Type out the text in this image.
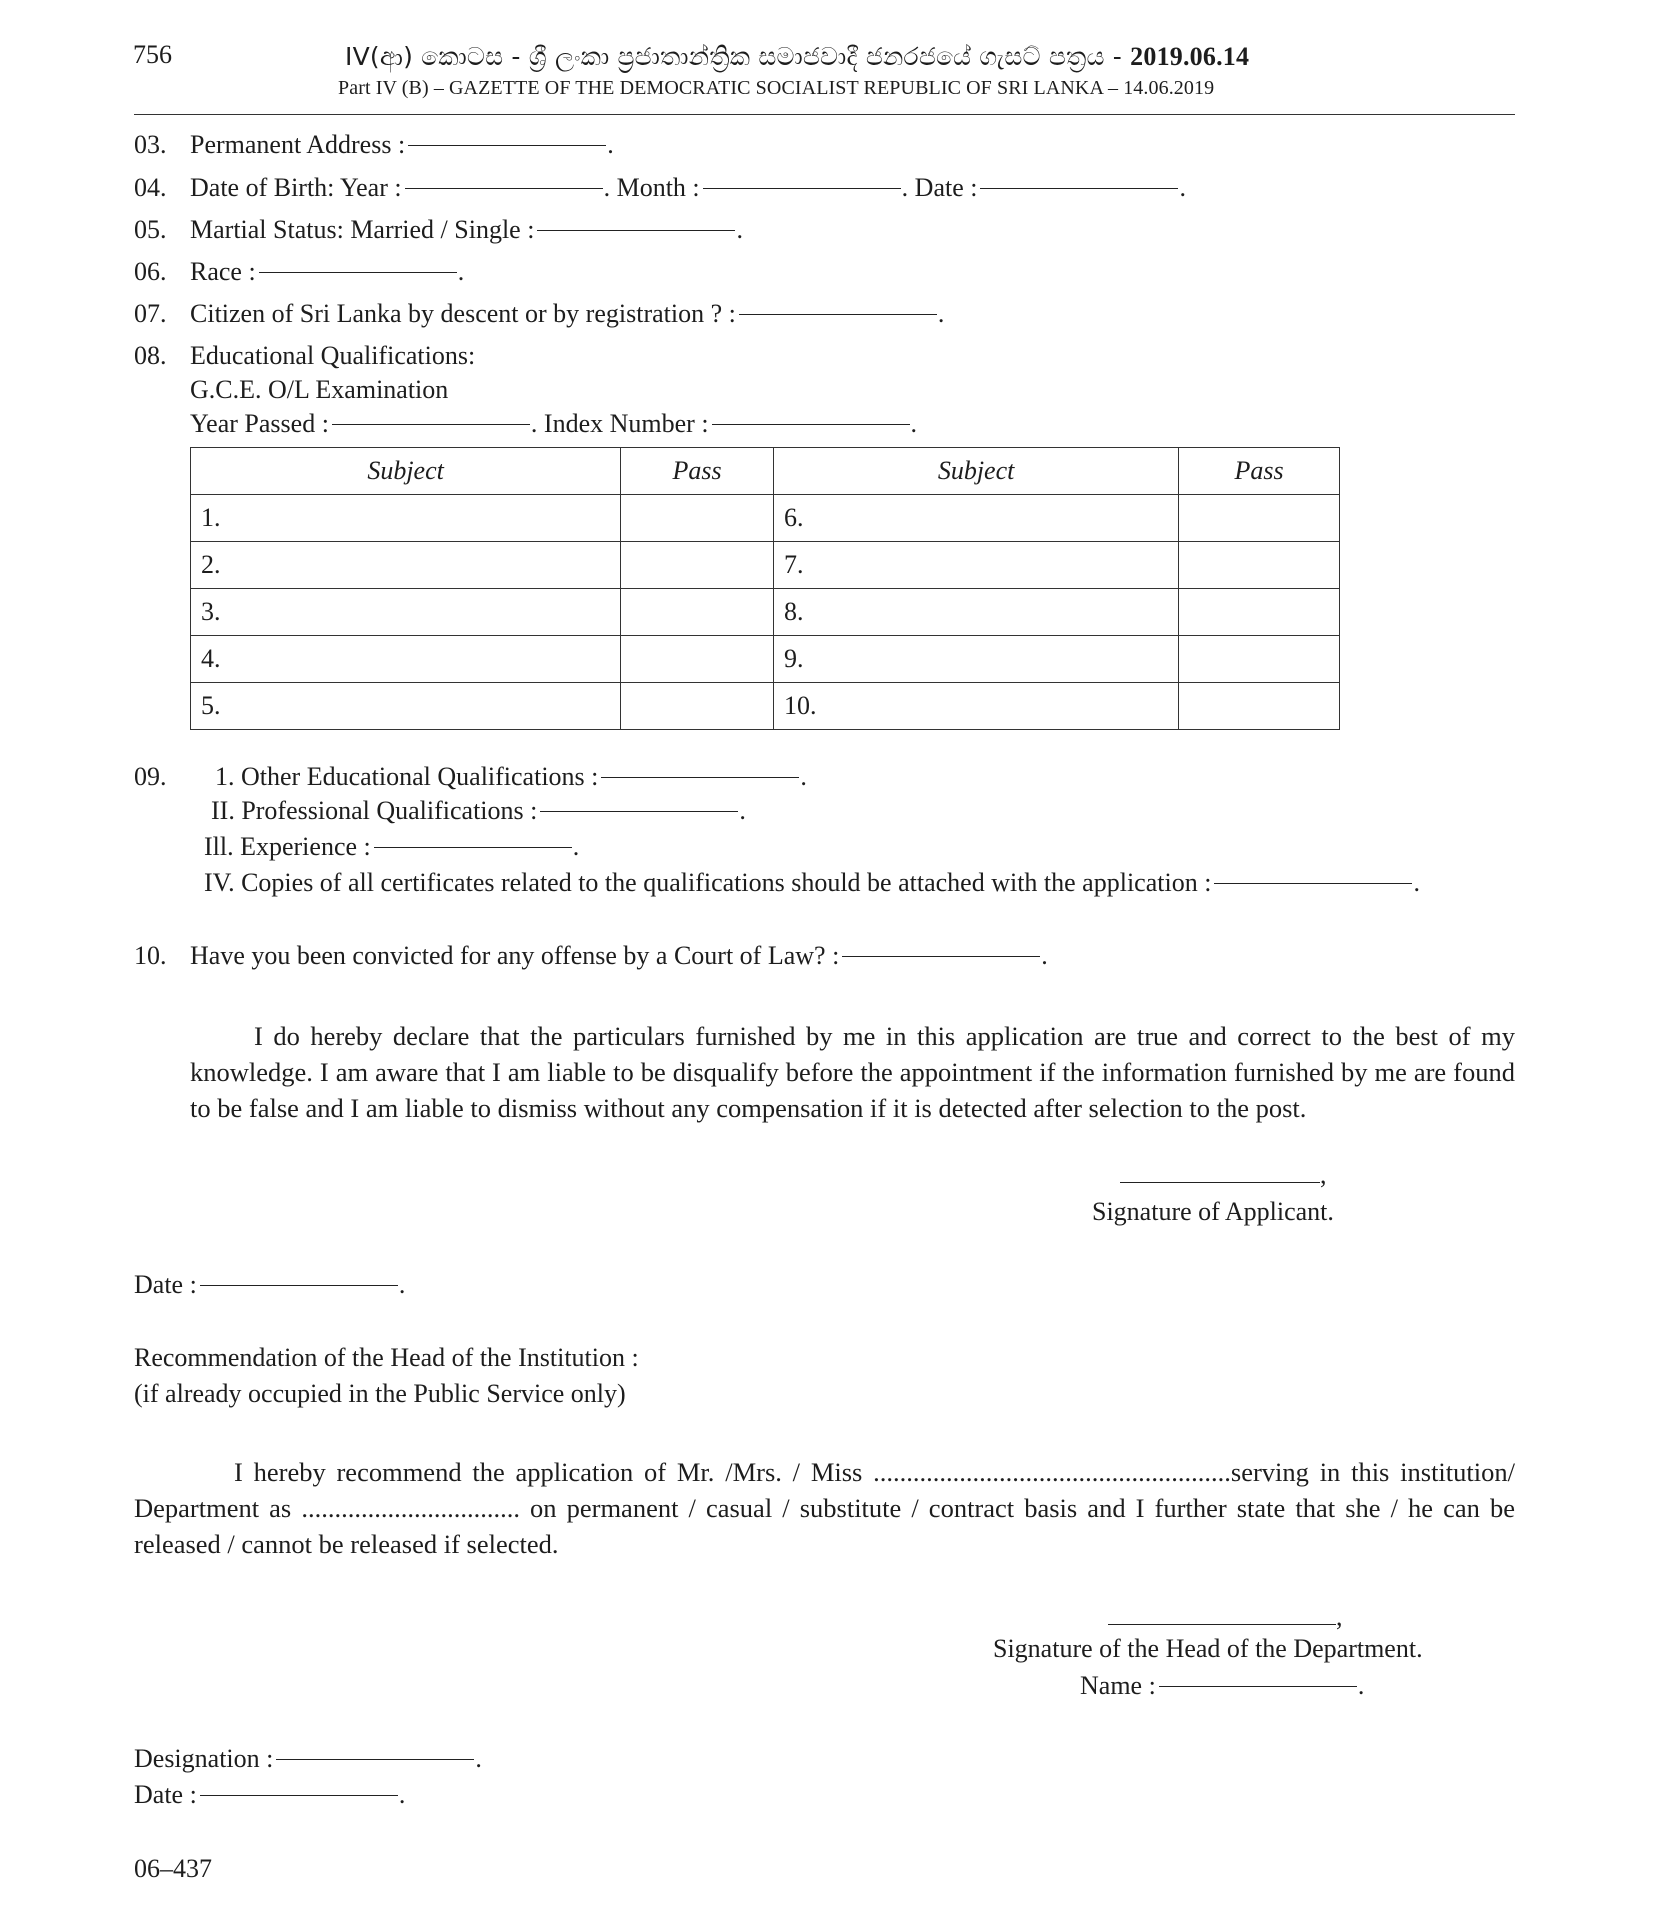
756	IV(ආ) කොටස - ශ්‍රී ලංකා ප්‍රජාතාන්ත්‍රික සමාජවාදී ජනරජයේ ගැසට් පත්‍රය - 2019.06.14
Part IV (B) – GAZETTE OF THE DEMOCRATIC SOCIALIST REPUBLIC OF SRI LANKA – 14.06.2019
03. Permanent Address :	.
04. Date of Birth: Year :	. Month :	. Date :	.
05. Martial Status: Married / Single :	.
06. Race :	.
07. Citizen of Sri Lanka by descent or by registration ? :	.
08. Educational Qualifications:
G.C.E. O/L Examination
Year Passed :	. Index Number :	.
Subject	Pass	Subject	Pass
1.		6.	
2.		7.	
3.		8.	
4.		9.	
5.		10.	
09. 1. Other Educational Qualifications :	.
II. Professional Qualifications :	.
Ill. Experience :	.
IV. Copies of all certificates related to the qualifications should be attached with the application :	.
10. Have you been convicted for any offense by a Court of Law? :	.
I do hereby declare that the particulars furnished by me in this application are true and correct to the best of my knowledge. I am aware that I am liable to be disqualify before the appointment if the information furnished by me are found to be false and I am liable to dismiss without any compensation if it is detected after selection to the post.
,
Signature of Applicant.
Date :	.
Recommendation of the Head of the Institution :
(if already occupied in the Public Service only)
I hereby recommend the application of Mr. /Mrs. / Miss ......................................................serving in this institution/ Department as ................................. on permanent / casual / substitute / contract basis and I further state that she / he can be released / cannot be released if selected.
,
Signature of the Head of the Department.
Name :	.
Designation :	.
Date :	.
06–437
